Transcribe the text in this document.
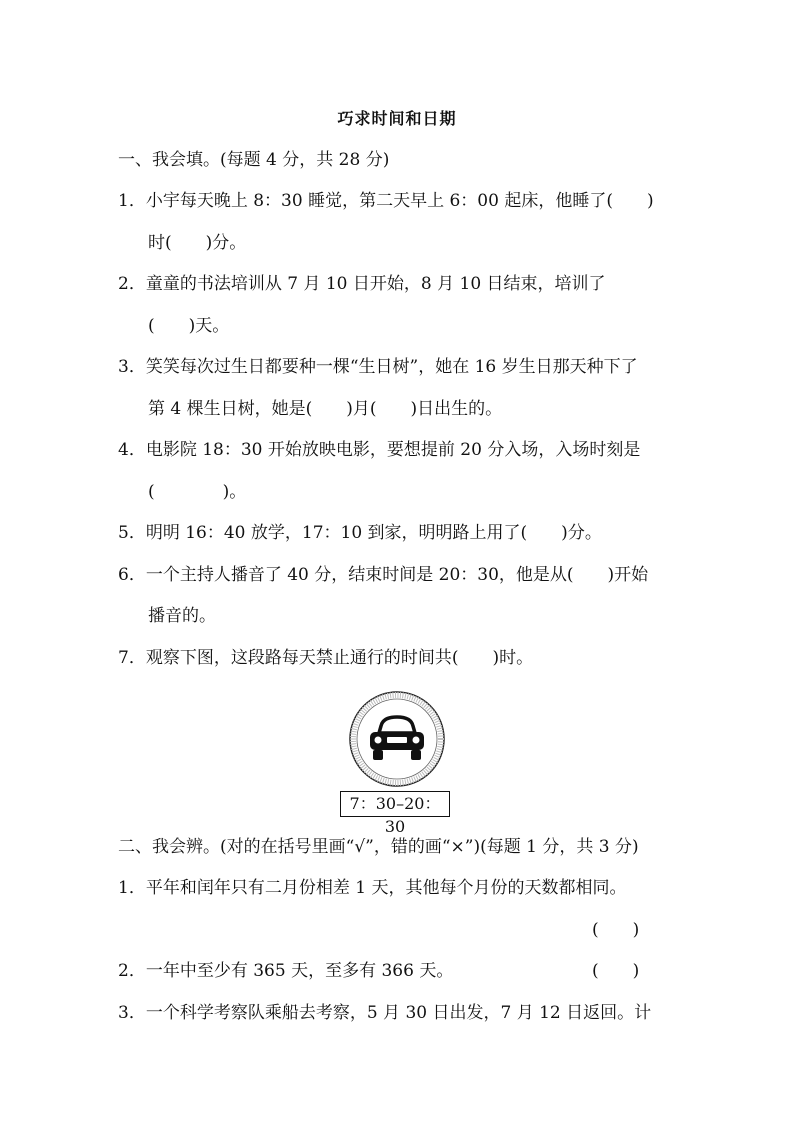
巧求时间和日期
一、我会填。(每题 4 分，共 28 分)
1．小宇每天晚上 8：30 睡觉，第二天早上 6：00 起床，他睡了(　　)
时(　　)分。
2．童童的书法培训从 7 月 10 日开始，8 月 10 日结束，培训了
(　　)天。
3．笑笑每次过生日都要种一棵“生日树”，她在 16 岁生日那天种下了
第 4 棵生日树，她是(　　)月(　　)日出生的。
4．电影院 18：30 开始放映电影，要想提前 20 分入场，入场时刻是
(　　　　)。
5．明明 16：40 放学，17：10 到家，明明路上用了(　　)分。
6．一个主持人播音了 40 分，结束时间是 20：30，他是从(　　)开始
播音的。
7．观察下图，这段路每天禁止通行的时间共(　　)时。
7：30–20：30
二、我会辨。(对的在括号里画“√”，错的画“×”)(每题 1 分，共 3 分)
1．平年和闰年只有二月份相差 1 天，其他每个月份的天数都相同。
(　　)
2．一年中至少有 365 天，至多有 366 天。	(　　)
3．一个科学考察队乘船去考察，5 月 30 日出发，7 月 12 日返回。计
